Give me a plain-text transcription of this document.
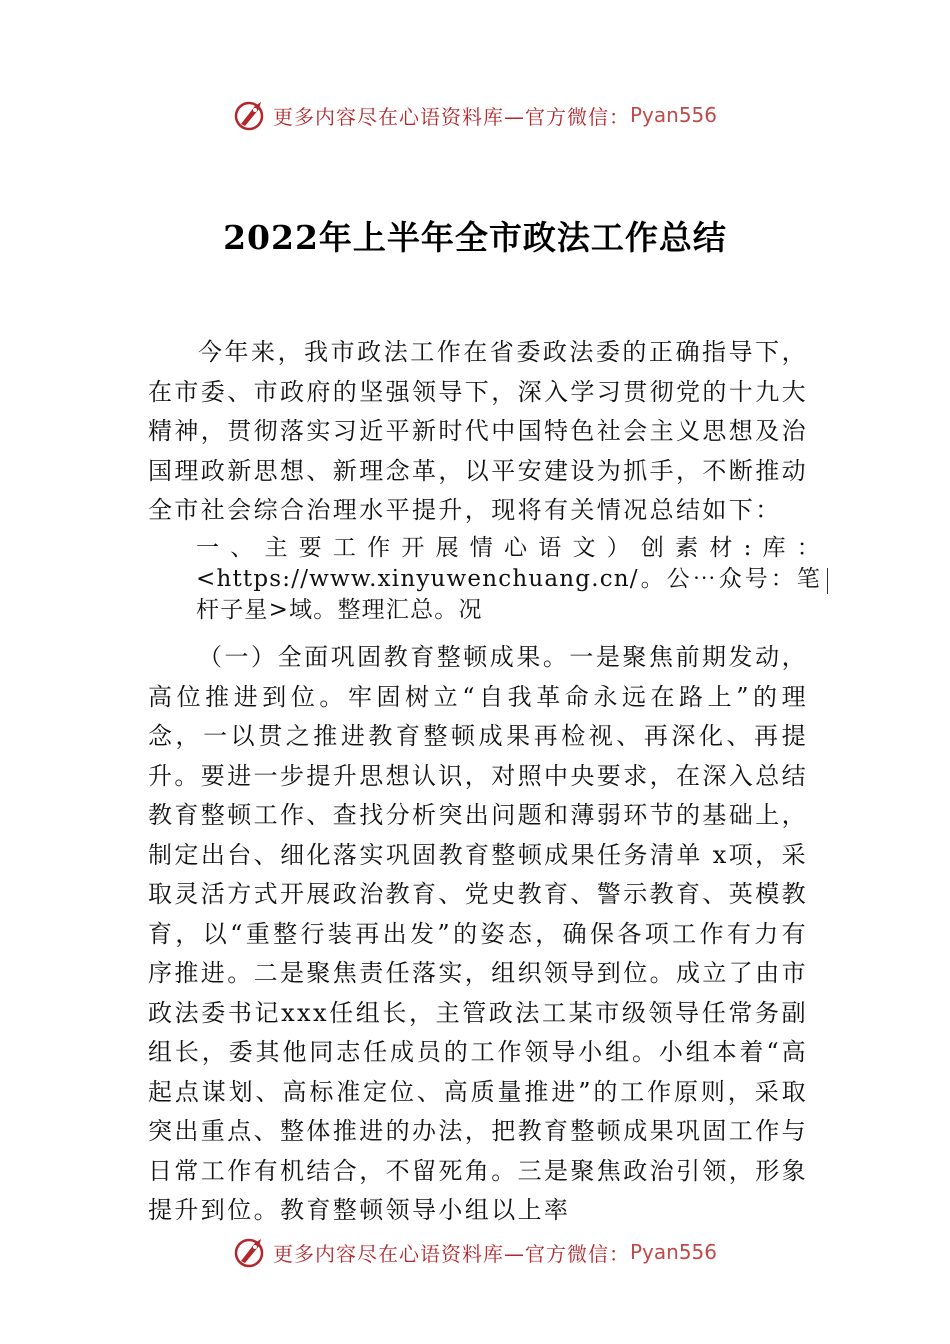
更多内容尽在心语资料库—官方微信： Pyan556
2022年上半年全市政法工作总结

今年来，我市政法工作在省委政法委的正确指导下，在市委、市政府的坚强领导下，深入学习贯彻党的十九大精神，贯彻落实习近平新时代中国特色社会主义思想及治国理政新思想、新理念革，以平安建设为抓手，不断推动全市社会综合治理水平提升，现将有关情况总结如下：

一、主要工作开展情心语文）创素材:库：<https://www.xinyuwenchuang.cn/。公⋯众号：笔杆子星>域。整理汇总。况

（一）全面巩固教育整顿成果。一是聚焦前期发动，高位推进到位。牢固树立“自我革命永远在路上”的理念，一以贯之推进教育整顿成果再检视、再深化、再提升。要进一步提升思想认识，对照中央要求，在深入总结教育整顿工作、查找分析突出问题和薄弱环节的基础上，制定出台、细化落实巩固教育整顿成果任务清单 x项，采取灵活方式开展政治教育、党史教育、警示教育、英模教育，以“重整行装再出发”的姿态，确保各项工作有力有序推进。二是聚焦责任落实，组织领导到位。成立了由市政法委书记xxx任组长，主管政法工某市级领导任常务副组长，委其他同志任成员的工作领导小组。小组本着“高起点谋划、高标准定位、高质量推进”的工作原则，采取突出重点、整体推进的办法，把教育整顿成果巩固工作与日常工作有机结合，不留死角。三是聚焦政治引领，形象提升到位。教育整顿领导小组以上率

更多内容尽在心语资料库—官方微信： Pyan556
